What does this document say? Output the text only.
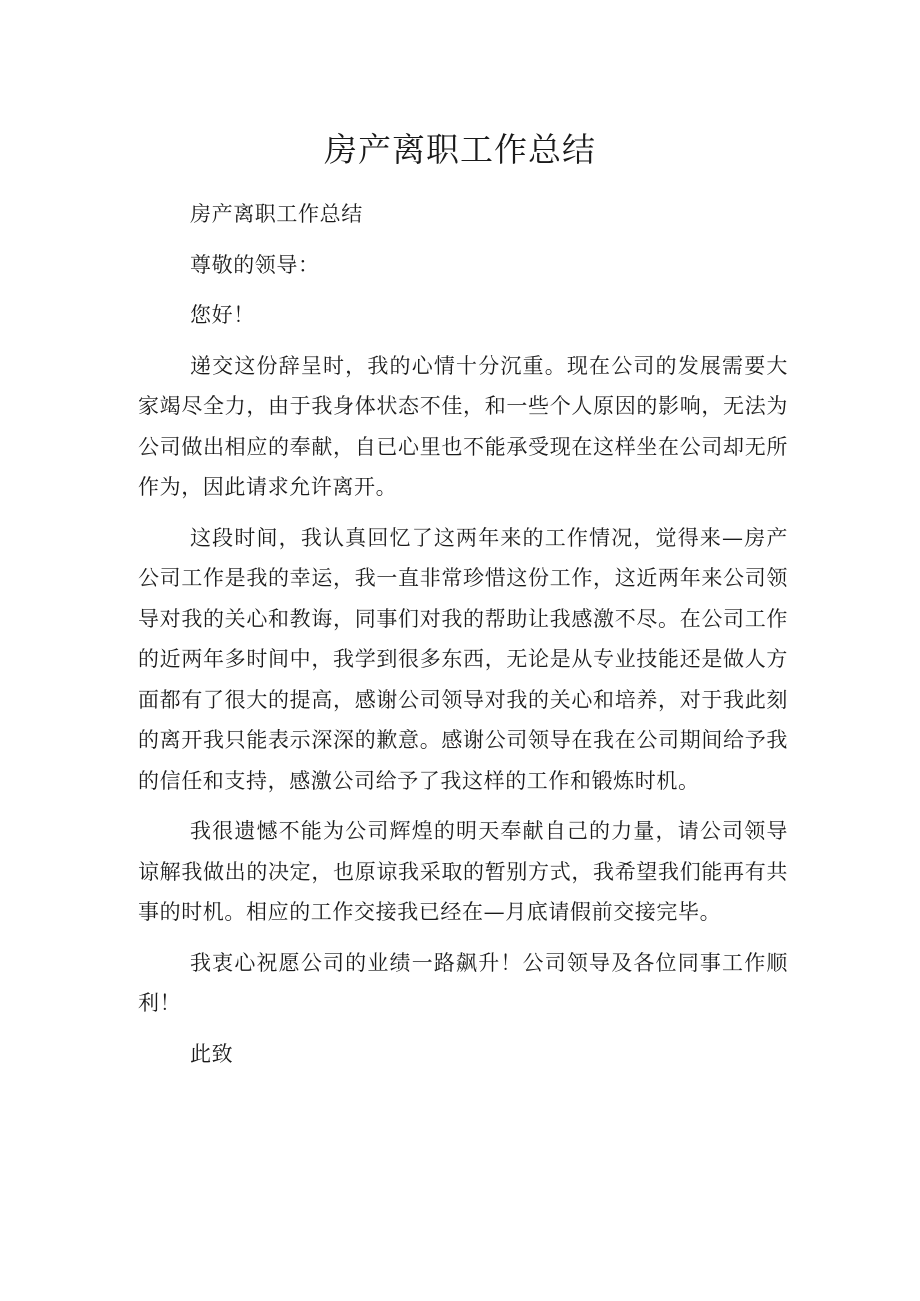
房产离职工作总结

房产离职工作总结

尊敬的领导：

您好！

递交这份辞呈时，我的心情十分沉重。现在公司的发展需要大家竭尽全力，由于我身体状态不佳，和一些个人原因的影响，无法为公司做出相应的奉献，自已心里也不能承受现在这样坐在公司却无所作为，因此请求允许离开。

这段时间，我认真回忆了这两年来的工作情况，觉得来—房产公司工作是我的幸运，我一直非常珍惜这份工作，这近两年来公司领导对我的关心和教诲，同事们对我的帮助让我感激不尽。在公司工作的近两年多时间中，我学到很多东西，无论是从专业技能还是做人方面都有了很大的提高，感谢公司领导对我的关心和培养，对于我此刻的离开我只能表示深深的歉意。感谢公司领导在我在公司期间给予我的信任和支持，感激公司给予了我这样的工作和锻炼时机。

我很遗憾不能为公司辉煌的明天奉献自己的力量，请公司领导谅解我做出的决定，也原谅我采取的暂别方式，我希望我们能再有共事的时机。相应的工作交接我已经在—月底请假前交接完毕。

我衷心祝愿公司的业绩一路飙升！公司领导及各位同事工作顺利！

此致
